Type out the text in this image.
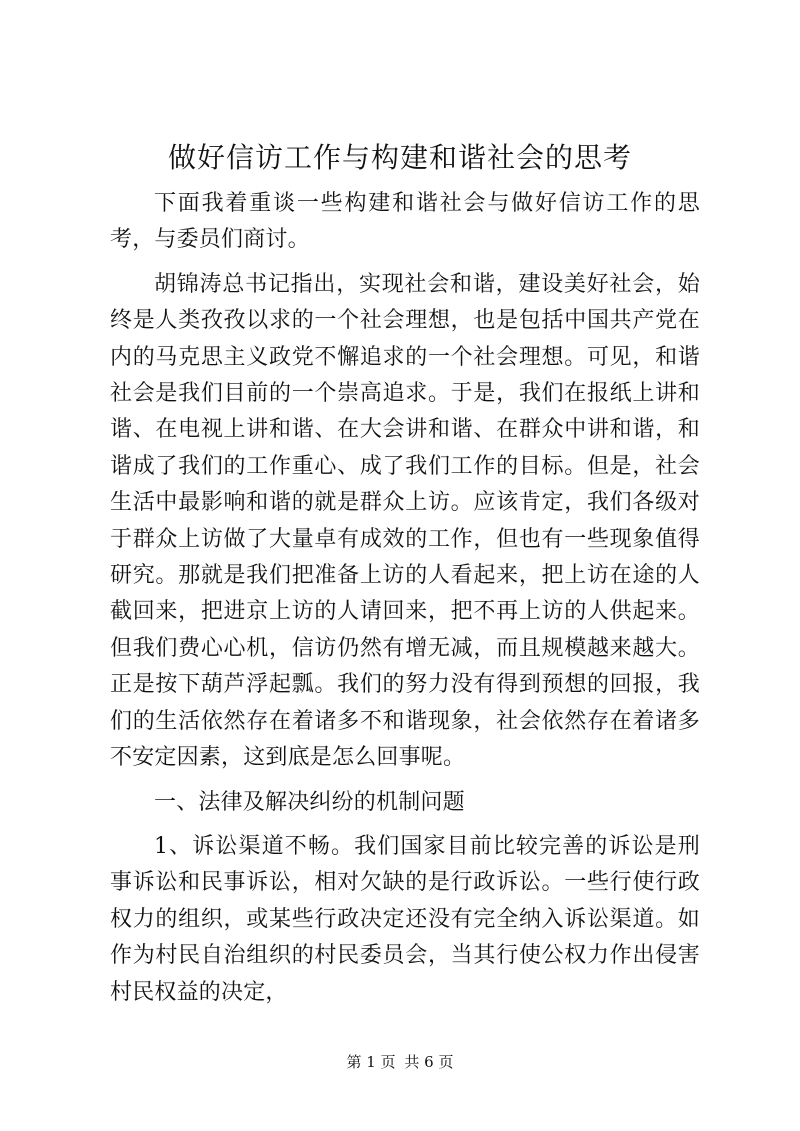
做好信访工作与构建和谐社会的思考

下面我着重谈一些构建和谐社会与做好信访工作的思考，与委员们商讨。

胡锦涛总书记指出，实现社会和谐，建设美好社会，始终是人类孜孜以求的一个社会理想，也是包括中国共产党在内的马克思主义政党不懈追求的一个社会理想。可见，和谐社会是我们目前的一个崇高追求。于是，我们在报纸上讲和谐、在电视上讲和谐、在大会讲和谐、在群众中讲和谐，和谐成了我们的工作重心、成了我们工作的目标。但是，社会生活中最影响和谐的就是群众上访。应该肯定，我们各级对于群众上访做了大量卓有成效的工作，但也有一些现象值得研究。那就是我们把准备上访的人看起来，把上访在途的人截回来，把进京上访的人请回来，把不再上访的人供起来。但我们费心心机，信访仍然有增无减，而且规模越来越大。正是按下葫芦浮起瓢。我们的努力没有得到预想的回报，我们的生活依然存在着诸多不和谐现象，社会依然存在着诸多不安定因素，这到底是怎么回事呢。

一、法律及解决纠纷的机制问题

1、诉讼渠道不畅。我们国家目前比较完善的诉讼是刑事诉讼和民事诉讼，相对欠缺的是行政诉讼。一些行使行政权力的组织，或某些行政决定还没有完全纳入诉讼渠道。如作为村民自治组织的村民委员会，当其行使公权力作出侵害村民权益的决定，

第 1 页 共 6 页
